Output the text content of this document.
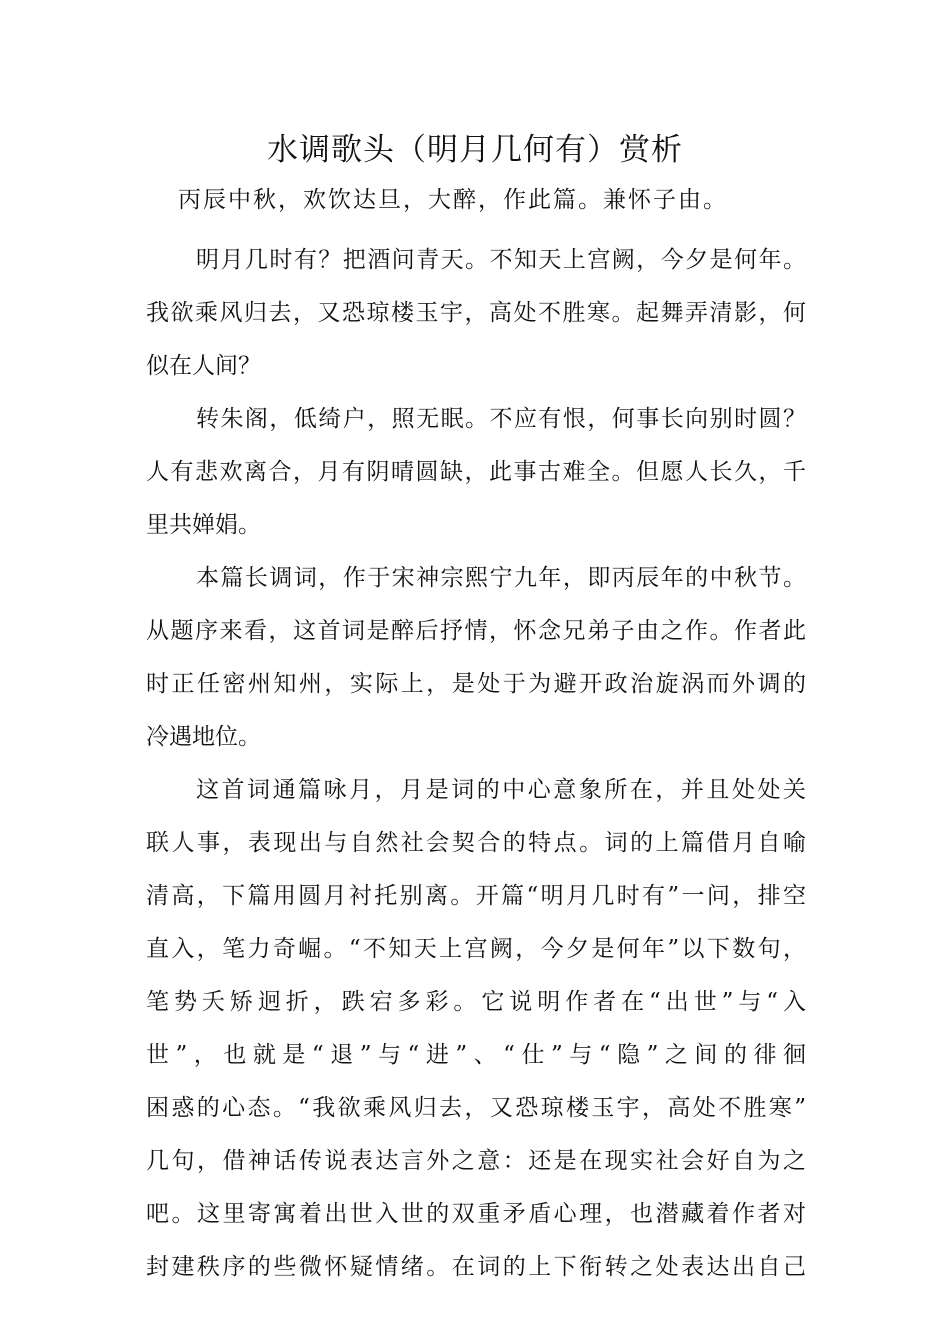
水调歌头（明月几何有）赏析

丙辰中秋，欢饮达旦，大醉，作此篇。兼怀子由。

明月几时有？把酒问青天。不知天上宫阙，今夕是何年。
我欲乘风归去，又恐琼楼玉宇，高处不胜寒。起舞弄清影，何
似在人间？

转朱阁，低绮户，照无眠。不应有恨，何事长向别时圆？
人有悲欢离合，月有阴晴圆缺，此事古难全。但愿人长久，千
里共婵娟。

本篇长调词，作于宋神宗熙宁九年，即丙辰年的中秋节。
从题序来看，这首词是醉后抒情，怀念兄弟子由之作。作者此
时正任密州知州，实际上，是处于为避开政治旋涡而外调的
冷遇地位。

这首词通篇咏月，月是词的中心意象所在，并且处处关
联人事，表现出与自然社会契合的特点。词的上篇借月自喻
清高，下篇用圆月衬托别离。开篇“明月几时有”一问，排空
直入，笔力奇崛。“不知天上宫阙，今夕是何年”以下数句，
笔势夭矫迥折，跌宕多彩。它说明作者在“出世”与“入
世”，也就是“退”与“进”、“仕”与“隐”之间的徘徊
困惑的心态。“我欲乘风归去，又恐琼楼玉宇，高处不胜寒”
几句，借神话传说表达言外之意：还是在现实社会好自为之
吧。这里寄寓着出世入世的双重矛盾心理，也潜藏着作者对
封建秩序的些微怀疑情绪。在词的上下衔转之处表达出自己
